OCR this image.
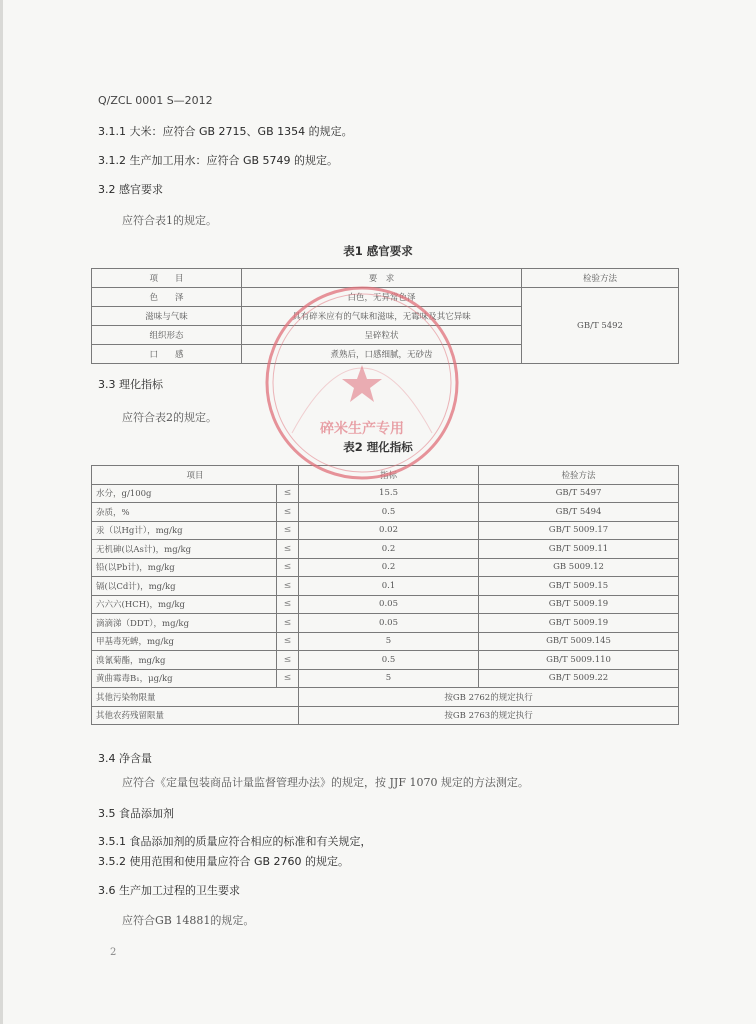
Q/ZCL 0001 S—2012
3.1.1 大米：应符合 GB 2715、GB 1354 的规定。
3.1.2 生产加工用水：应符合 GB 5749 的规定。
3.2 感官要求
应符合表1的规定。
表1 感官要求
项　　目	要　求	检验方法
色　　泽	白色，无异常色泽	GB/T 5492
滋味与气味	具有碎米应有的气味和滋味，无霉味及其它异味	
组织形态	呈碎粒状	
口　　感	煮熟后，口感细腻，无砂齿	
3.3 理化指标
应符合表2的规定。
表2 理化指标
项目		指标	检验方法
水分，g/100g	≤	15.5	GB/T 5497
杂质，%	≤	0.5	GB/T 5494
汞（以Hg计），mg/kg	≤	0.02	GB/T 5009.17
无机砷(以As计)，mg/kg	≤	0.2	GB/T 5009.11
铅(以Pb计)，mg/kg	≤	0.2	GB 5009.12
镉(以Cd计)，mg/kg	≤	0.1	GB/T 5009.15
六六六(HCH)，mg/kg	≤	0.05	GB/T 5009.19
滴滴涕（DDT），mg/kg	≤	0.05	GB/T 5009.19
甲基毒死蜱，mg/kg	≤	5	GB/T 5009.145
溴氰菊酯，mg/kg	≤	0.5	GB/T 5009.110
黄曲霉毒B₁，μg/kg	≤	5	GB/T 5009.22
其他污染物限量		按GB 2762的规定执行	
其他农药残留限量		按GB 2763的规定执行	
碎米生产专用
3.4 净含量
应符合《定量包装商品计量监督管理办法》的规定，按 JJF 1070 规定的方法测定。
3.5 食品添加剂
3.5.1 食品添加剂的质量应符合相应的标准和有关规定，
3.5.2 使用范围和使用量应符合 GB 2760 的规定。
3.6 生产加工过程的卫生要求
应符合GB 14881的规定。
2
